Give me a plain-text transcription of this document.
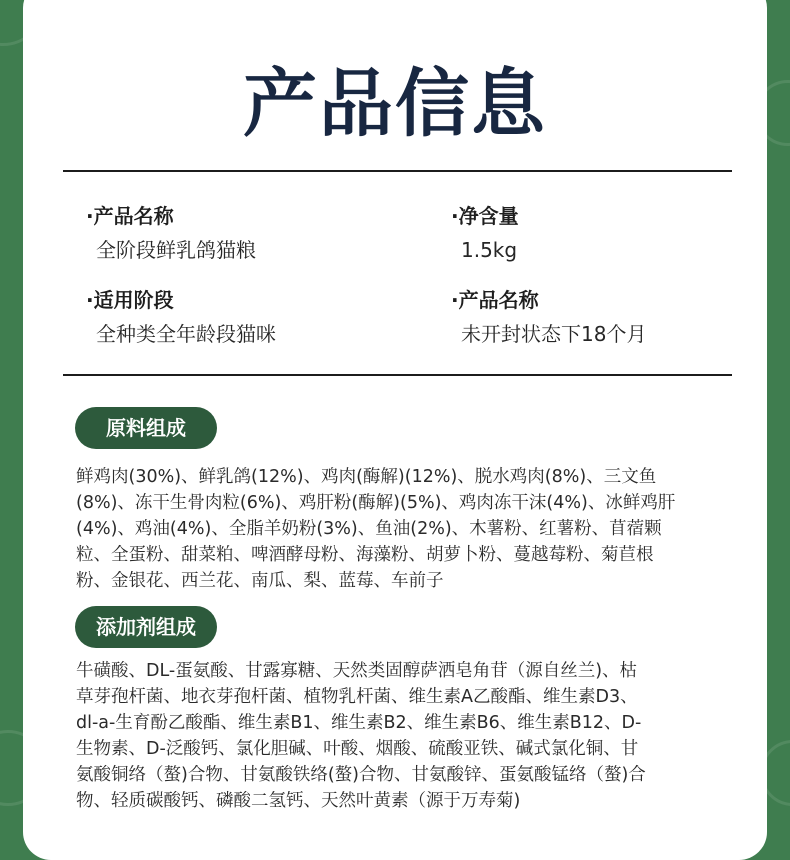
产品信息
·产品名称
全阶段鲜乳鸽猫粮
·净含量
1.5kg
·适用阶段
全种类全年龄段猫咪
·产品名称
未开封状态下18个月
原料组成
鲜鸡肉(30%)、鲜乳鸽(12%)、鸡肉(酶解)(12%)、脱水鸡肉(8%)、三文鱼
(8%)、冻干生骨肉粒(6%)、鸡肝粉(酶解)(5%)、鸡肉冻干沫(4%)、冰鲜鸡肝
(4%)、鸡油(4%)、全脂羊奶粉(3%)、鱼油(2%)、木薯粉、红薯粉、苜蓿颗
粒、全蛋粉、甜菜粕、啤酒酵母粉、海藻粉、胡萝卜粉、蔓越莓粉、菊苣根
粉、金银花、西兰花、南瓜、梨、蓝莓、车前子
添加剂组成
牛磺酸、DL-蛋氨酸、甘露寡糖、天然类固醇萨洒皂角苷（源自丝兰)、枯
草芽孢杆菌、地衣芽孢杆菌、植物乳杆菌、维生素A乙酸酯、维生素D3、
dl-a-生育酚乙酸酯、维生素B1、维生素B2、维生素B6、维生素B12、D-
生物素、D-泛酸钙、氯化胆碱、叶酸、烟酸、硫酸亚铁、碱式氯化铜、甘
氨酸铜络（螯)合物、甘氨酸铁络(螯)合物、甘氨酸锌、蛋氨酸锰络（螯)合
物、轻质碳酸钙、磷酸二氢钙、天然叶黄素（源于万寿菊)
